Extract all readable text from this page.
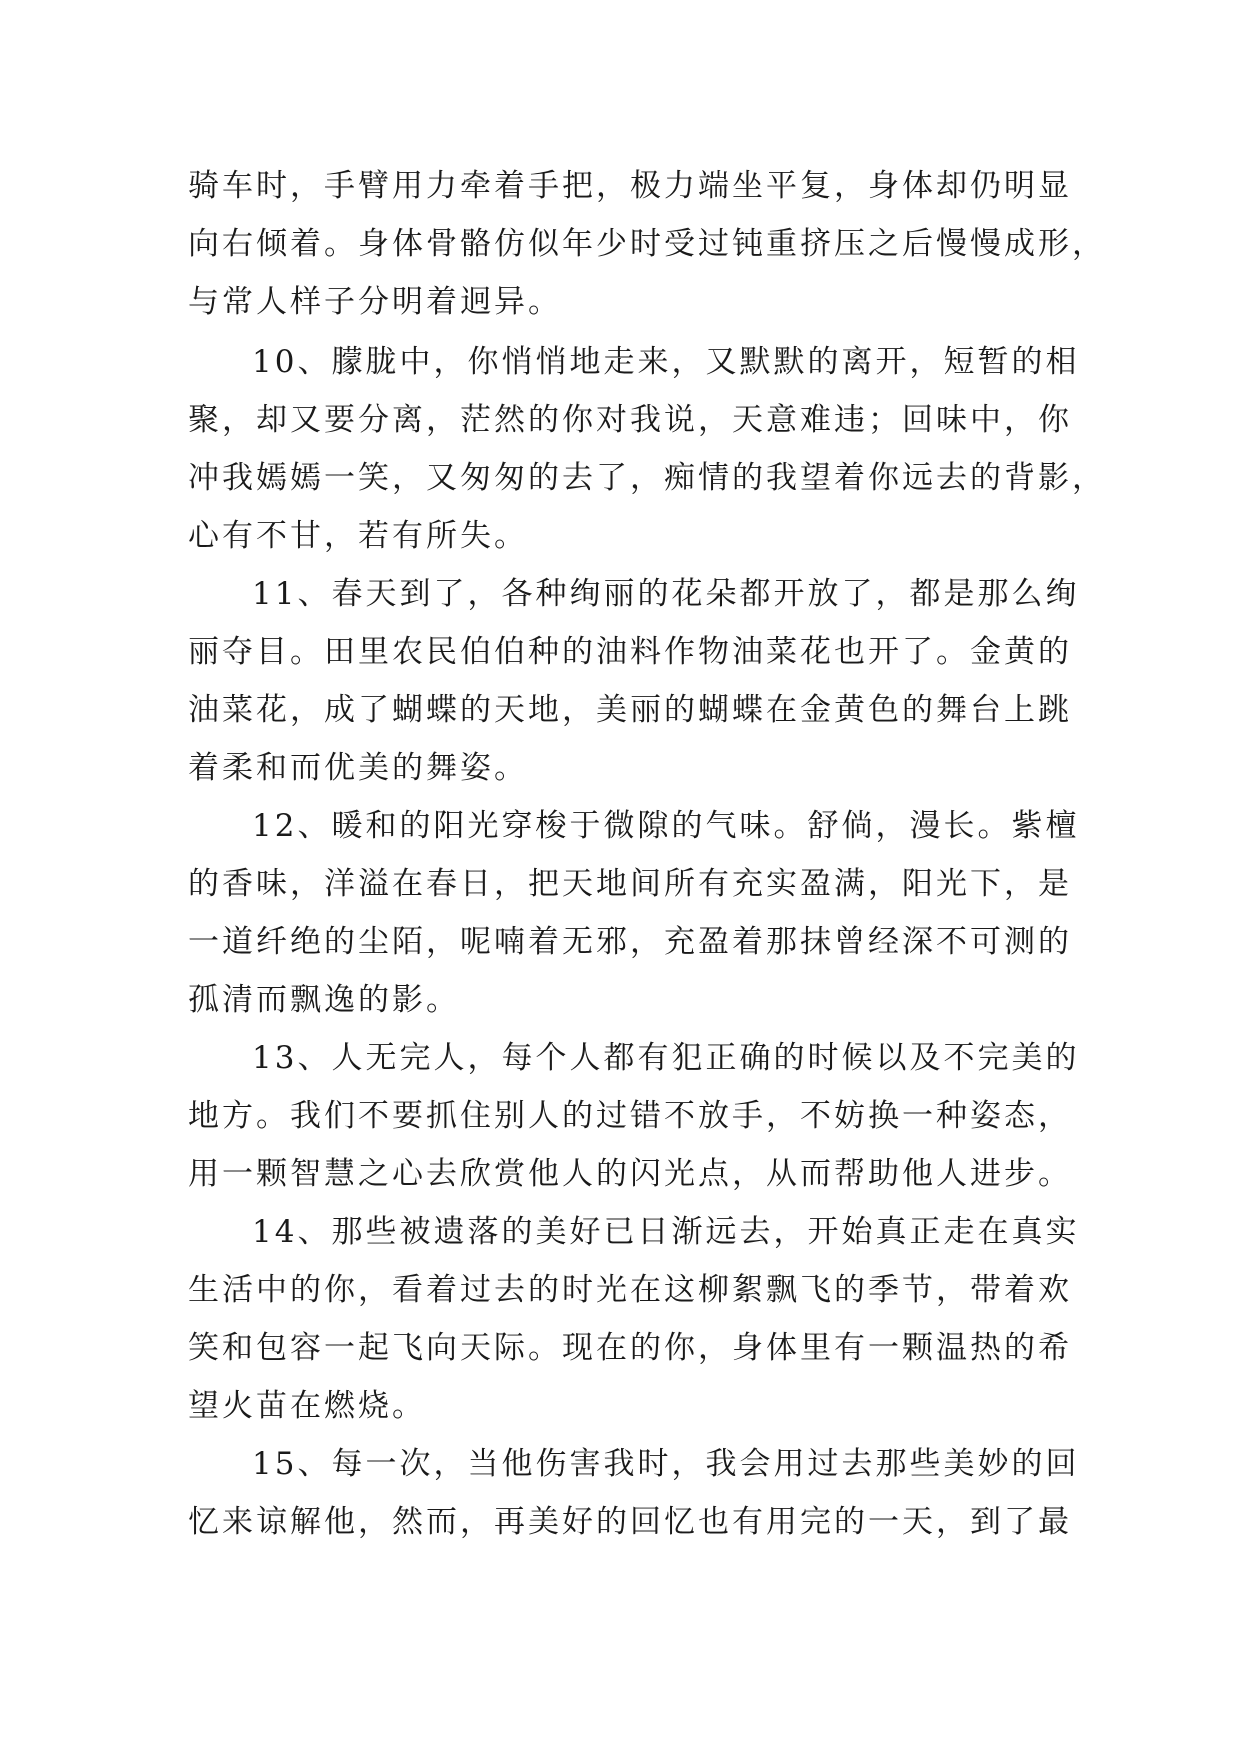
骑车时，手臂用力牵着手把，极力端坐平复，身体却仍明显
向右倾着。身体骨骼仿似年少时受过钝重挤压之后慢慢成形，
与常人样子分明着迥异。
10、朦胧中，你悄悄地走来，又默默的离开，短暂的相
聚，却又要分离，茫然的你对我说，天意难违；回味中，你
冲我嫣嫣一笑，又匆匆的去了，痴情的我望着你远去的背影，
心有不甘，若有所失。
11、春天到了，各种绚丽的花朵都开放了，都是那么绚
丽夺目。田里农民伯伯种的油料作物油菜花也开了。金黄的
油菜花，成了蝴蝶的天地，美丽的蝴蝶在金黄色的舞台上跳
着柔和而优美的舞姿。
12、暖和的阳光穿梭于微隙的气味。舒倘，漫长。紫檀
的香味，洋溢在春日，把天地间所有充实盈满，阳光下，是
一道纤绝的尘陌，呢喃着无邪，充盈着那抹曾经深不可测的
孤清而飘逸的影。
13、人无完人，每个人都有犯正确的时候以及不完美的
地方。我们不要抓住别人的过错不放手，不妨换一种姿态，
用一颗智慧之心去欣赏他人的闪光点，从而帮助他人进步。
14、那些被遗落的美好已日渐远去，开始真正走在真实
生活中的你，看着过去的时光在这柳絮飘飞的季节，带着欢
笑和包容一起飞向天际。现在的你，身体里有一颗温热的希
望火苗在燃烧。
15、每一次，当他伤害我时，我会用过去那些美妙的回
忆来谅解他，然而，再美好的回忆也有用完的一天，到了最
